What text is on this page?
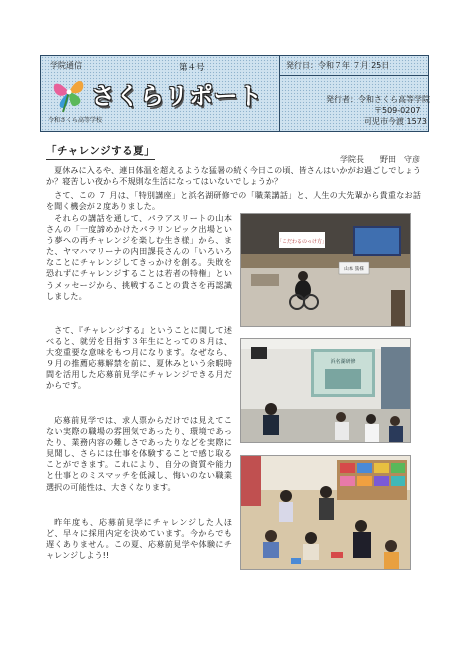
学院通信	第４号
さくらリポート
令和さくら高等学校
発行日：令和７年 ７月 25日
発行者：令和さくら高等学院
〒509-0207
可児市今渡 1573
「チャレンジする夏」
学院長　　野田　守彦

夏休みに入るや、連日体温を超えるような猛暑の続く今日この頃、皆さんはいかがお過ごしでしょうか？寝苦しい夜から不規則な生活になってはいないでしょうか？

さて、この ７ 月は、「特別講座」と浜名湖研修での「職業講話」と、人生の大先輩から貴重なお話を聞く機会が２度ありました。

それらの講話を通して、パラアスリートの山本さんの「一度諦めかけたパラリンピック出場という夢への再チャレンジを楽しむ生き様」から、また、ヤマハマリーナの内田課長さんの「いろいろなことにチャレンジしてきっかけを創る。失敗を恐れずにチャレンジすることは若者の特権」というメッセージから、挑戦することの貴さを再認識しました。

さて、『チャレンジする』ということに関して述べると、就労を目指す３年生にとっての８月は、大変重要な意味をもつ月になります。なぜなら、９月の推薦応募解禁を前に、夏休みという余暇時間を活用した応募前見学にチャレンジできる月だからです。

応募前見学では、求人票からだけでは見えてこない実際の職場の雰囲気であったり、環境であったり、業務内容の難しさであったりなどを実際に見聞し、さらには仕事を体験することで感じ取ることができます。これにより、自分の資質や能力と仕事とのミスマッチを低減し、悔いのない職業選択の可能性は、大きくなります。

昨年度も、応募前見学にチャレンジした人ほど、早々に採用内定を決めています。今からでも遅くありません。この夏、応募前見学や体験にチャレンジしよう!!

「こだわるのっけ方」
山本 篤様
浜名湖研修
